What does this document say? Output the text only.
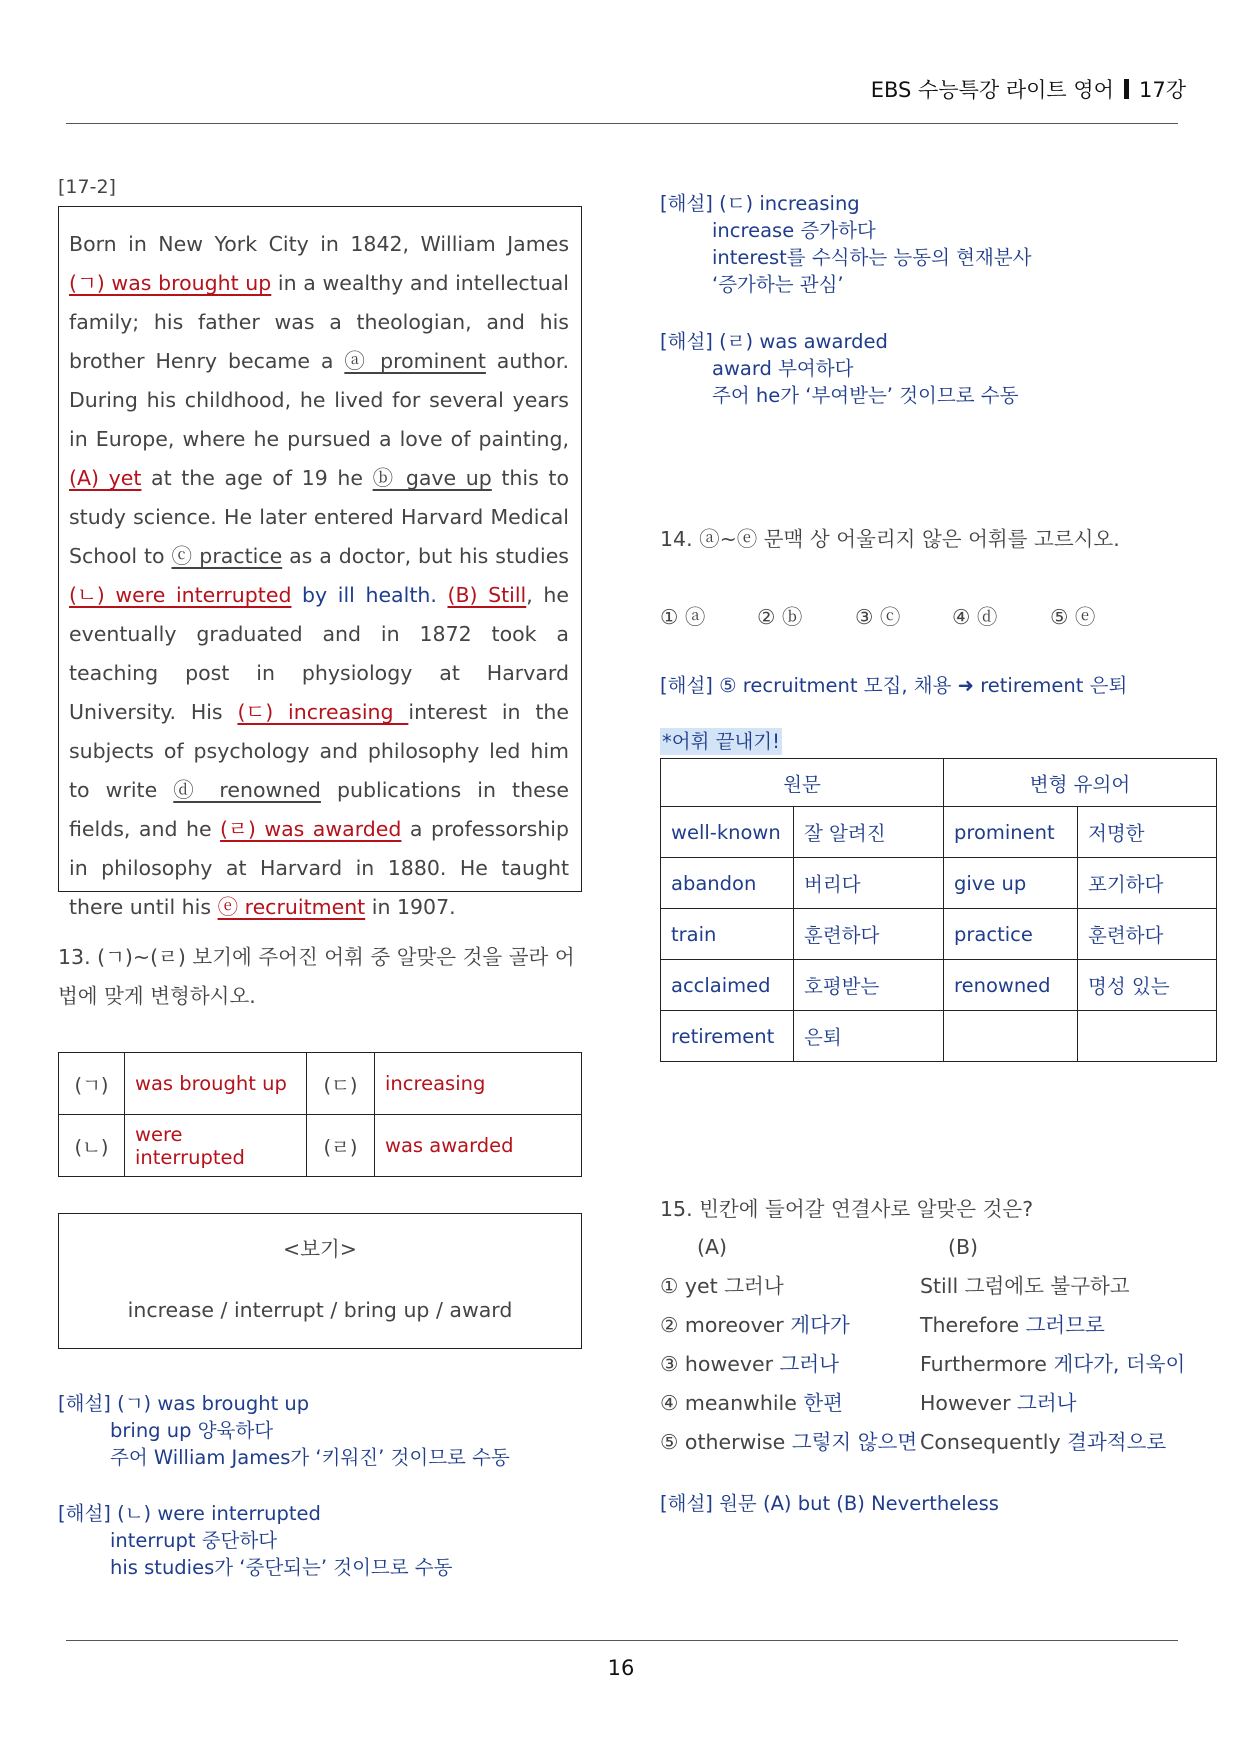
EBS 수능특강 라이트 영어 17강
[17-2]
Born in New York City in 1842, William James (ㄱ) was brought up in a wealthy and intellectual family; his father was a theologian, and his brother Henry became a ⓐ prominent author. During his childhood, he lived for several years in Europe, where he pursued a love of painting, (A) yet at the age of 19 he ⓑ gave up this to study science. He later entered Harvard Medical School to ⓒ practice as a doctor, but his studies (ㄴ) were interrupted by ill health. (B) Still, he eventually graduated and in 1872 took a teaching post in physiology at Harvard University. His (ㄷ) increasing interest in the subjects of psychology and philosophy led him to write ⓓ renowned publications in these fields, and he (ㄹ) was awarded a professorship in philosophy at Harvard in 1880. He taught there until his ⓔ recruitment in 1907.
13. (ㄱ)~(ㄹ) 보기에 주어진 어휘 중 알맞은 것을 골라 어법에 맞게 변형하시오.
(ㄱ)	was brought up	(ㄷ)	increasing
(ㄴ)	were interrupted	(ㄹ)	was awarded
<보기>
increase / interrupt / bring up / award
[해설] (ㄱ) was brought up
bring up 양육하다
주어 William James가 ‘키워진’ 것이므로 수동
[해설] (ㄴ) were interrupted
interrupt 중단하다
his studies가 ‘중단되는’ 것이므로 수동
[해설] (ㄷ) increasing
increase 증가하다
interest를 수식하는 능동의 현재분사
‘증가하는 관심’
[해설] (ㄹ) was awarded
award 부여하다
주어 he가 ‘부여받는’ 것이므로 수동
14. ⓐ~ⓔ 문맥 상 어울리지 않은 어휘를 고르시오.
① ⓐ	② ⓑ	③ ⓒ	④ ⓓ	⑤ ⓔ
[해설] ⑤ recruitment 모집, 채용 ➜ retirement 은퇴
*어휘 끝내기!
원문		변형 유의어	
well-known	잘 알려진	prominent	저명한
abandon	버리다	give up	포기하다
train	훈련하다	practice	훈련하다
acclaimed	호평받는	renowned	명성 있는
retirement	은퇴		
15. 빈칸에 들어갈 연결사로 알맞은 것은?
(A)	(B)
① yet 그러나	Still 그럼에도 불구하고
② moreover 게다가	Therefore 그러므로
③ however 그러나	Furthermore 게다가, 더욱이
④ meanwhile 한편	However 그러나
⑤ otherwise 그렇지 않으면 Consequently 결과적으로
[해설] 원문 (A) but (B) Nevertheless
16
